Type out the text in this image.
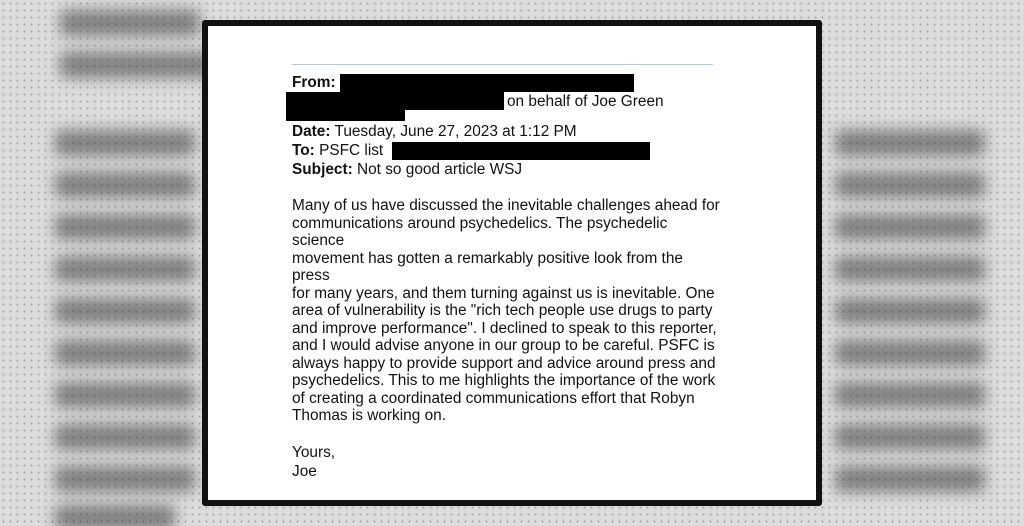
From:
on behalf of Joe Green
Date: Tuesday, June 27, 2023 at 1:12 PM
To: PSFC list
Subject: Not so good article WSJ
Many of us have discussed the inevitable challenges ahead for
communications around psychedelics. The psychedelic science
movement has gotten a remarkably positive look from the press
for many years, and them turning against us is inevitable. One
area of vulnerability is the "rich tech people use drugs to party
and improve performance". I declined to speak to this reporter,
and I would advise anyone in our group to be careful. PSFC is
always happy to provide support and advice around press and
psychedelics. This to me highlights the importance of the work
of creating a coordinated communications effort that Robyn
Thomas is working on.
Yours,
Joe
